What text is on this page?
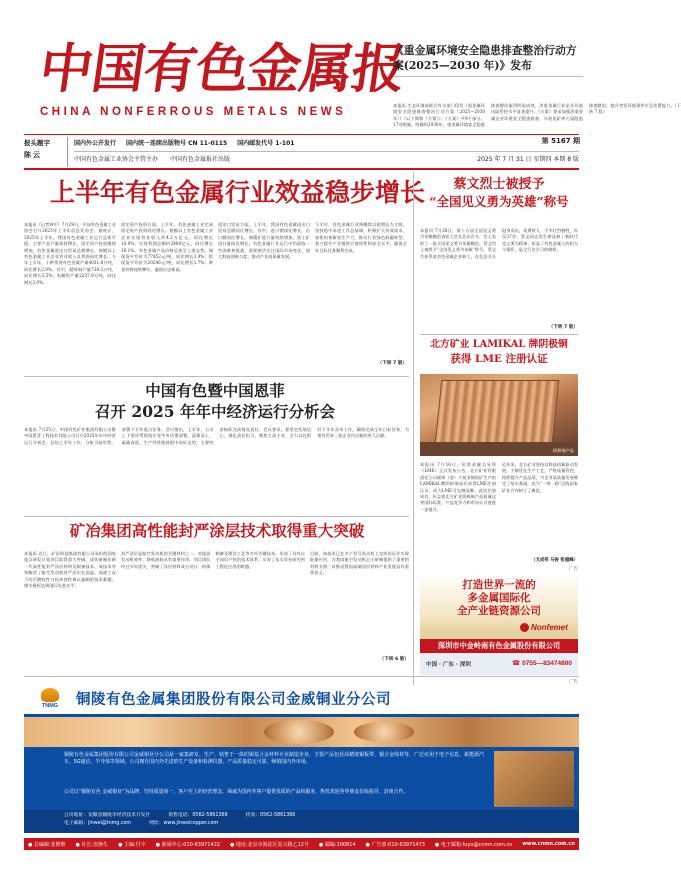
中国有色金属报
CHINA NONFERROUS METALS NEWS
《重金属环境安全隐患排查整治行动方案(2025—2030 年)》发布
本报讯 生态环境部联合有关部门印发《重金属环境安全隐患排查整治行动方案（2025—2030年）》（以下简称《方案》）。《方案》共9个部分、17项措施，明确到2030年，重金属环境安全隐患排查整治取得明显成效，涉重金属行业企业环境风险管控水平显著提升。《方案》要求加强涉重金属企业环境安全隐患排查，开展尾矿库污染隐患排查整治，提升突发环境事件应急处置能力。（下转 7 版）
报头题字
陈云
国内外公开发行 国内统一连续出版物号 CN 11-0115 国内邮发代号 1-101	第 5167 期
中国有色金属工业协会主管主办 中国有色金属报社出版	2025 年 7 月 31 日 星期四 本期 8 版
上半年有色金属行业效益稳步增长
本报讯（记者钟平）7月29日，中国有色金属工业协会召开2025年上半年信息发布会。据统计，2025年上半年，我国有色金属工业运行总体平稳，主要产品产量保持增长，固定资产投资继续增加，有色金属进出口贸易总额增长，规模以上有色金属工业企业营业收入及利润同比增长。今年上半年，十种常用有色金属产量4031.8万吨，同比增长2.9%。其中，精炼铜产量738.3万吨，同比增长3.5%；电解铝产量2237.9万吨，同比增长3.0%。
固定资产投资方面，上半年，有色金属工业完成固定资产投资同比增长。规模以上有色金属工业企业实现营业收入约4.2万亿元，同比增长10.9%；实现利润总额约2460亿元，同比增长16.1%。有色金属产品价格总体呈上涨态势。铜现货平均价为77852元/吨，同比增长3.9%；铝现货平均价为20246元/吨，同比增长1.7%；黄金价格持续攀升，屡创历史新高。
进出口贸易方面，上半年，我国有色金属进出口贸易总额同比增长。其中，进口额同比增长，出口额同比增长。铜精矿进口量持续增加，铝土矿进口量同比增长。有色金属行业运行中仍面临一些困难和挑战，需要密切关注国际市场变化，加大科技创新力度，推动产业高质量发展。
下半年，有色金属行业将继续以稳增长为主线，坚持稳中求进工作总基调，积极扩大有效需求，加快培育新质生产力，推动行业绿色低碳转型，着力提升产业链供应链韧性和安全水平，确保全年目标任务顺利完成。
（下转 7 版）
蔡文烈士被授予
“全国见义勇为英雄”称号
本报讯 7月28日，第十五届全国见义勇为英雄模范表彰大会在北京召开，会上表彰了一批全国见义勇为英雄模范。蔡文烈士被授予“全国见义勇为英雄”称号。蔡文生前系某有色金属企业职工，在危急关头挺身而出，英勇救人，不幸壮烈牺牲，年仅37岁。蔡文同志用生命诠释了新时代见义勇为精神，彰显了有色金属人的担当与情怀，是全行业学习的榜样。
（下转 7 版）
北方矿业 LAMIKAL 牌阴极铜
获得 LME 注册认证
阴极铜产品
本报讯 7月16日，伦敦金属交易所（LME）正式发布公告，北方矿业有限责任公司刚果（金）卡莫亚铜钴矿生产的LAMIKAL牌阴极铜成功获得LME注册认证，成为LME可交割品牌。此次注册成功，标志着北方矿业阴极铜产品质量达到国际标准，产品竞争力和市场认可度进一步提升。
近年来，北方矿业坚持以科技创新驱动发展，不断优化生产工艺，严格质量管控，持续提升产品品质，为企业高质量发展奠定了坚实基础，也为“一带一路”沿线国家矿业合作树立了典范。
（戈成祥 马俊 张越峰）
中国有色暨中国恩菲
召开 2025 年年中经济运行分析会
本报讯 7月25日，中国有色矿业集团有限公司暨中国恩菲工程技术有限公司召开2025年年中经济运行分析会，总结上半年工作，分析当前形势，部署下半年重点任务。会议指出，上半年，公司上下坚决贯彻落实党中央决策部署，迎难而上、砥砺奋进，生产经营保持稳中向好态势，主要经济指标完成情况良好。会议要求，要坚定发展信心，强化责任担当，聚焦主责主业，全力以赴抓好下半年各项工作，确保完成全年目标任务，为建设世界一流企业作出新的更大贡献。
矿冶集团高性能封严涂层技术取得重大突破
本报讯 近日，矿冶科技集团有限公司承担的国家重点研发计划项目取得重大突破，成功研制出新一代高性能封严涂层材料及制备技术。该技术有效解决了航空发动机封严涂层在高温、高速工况下的可磨耗性与抗冲蚀性难以兼顾的技术难题，相关指标达到国际先进水平。
封严涂层是航空发动机的关键材料之一，对提高发动机效率、降低油耗具有重要作用。项目团队经过多年攻关，突破了涂层材料成分设计、粉体制备及喷涂工艺等多项关键技术，形成了具有自主知识产权的技术体系，实现了从实验室研究到工程化应用的跨越。
目前，该技术已在多个型号发动机上完成验证并实现批量应用，为我国航空发动机自主研制提供了重要的材料支撑，对推动我国高端涂层材料产业发展具有重要意义。
（下转 6 版）
广告
打造世界一流的
多金属国际化
全产业链资源公司
Nonfemet
深圳市中金岭南有色金属股份有限公司
中国 · 广东 · 深圳	☎ 0755—83474800
广告
TNMG	铜陵有色金属集团股份有限公司金威铜业分公司
铜陵有色金属集团股份有限公司金威铜业分公司是一家集研发、生产、销售于一体的铜基合金材料专业制造企业，主要产品包括高精度铜板带、铜合金线材等，广泛应用于电子信息、新能源汽车、5G通信、半导体等领域。公司拥有国内外先进的生产设备和检测仪器，产品质量稳定可靠，畅销国内外市场。
公司以“铜陵有色 金威铜业”为品牌，坚持质量第一、客户至上的经营理念，竭诚为国内外客户提供优质的产品和服务，热忱欢迎各界朋友莅临指导、洽谈合作。
公司地址：安徽省铜陵市经济技术开发区	销售电话：0562-5861366	传真：0562-5861366
电子邮箱：jinwei@tnmg.com	网址：www.jinweicopper.com
● 总编辑:张维维 ● 社长:安静生 ● 主编:付宇 ● 新闻中心:010-63971422 ● 地址:北京市海淀区复兴路乙12号 ● 邮编:100814 ● 广告部:010-63971473 ● 电子邮箱:fuyu@cnmn.com.cn www.cnmn.com.cn
